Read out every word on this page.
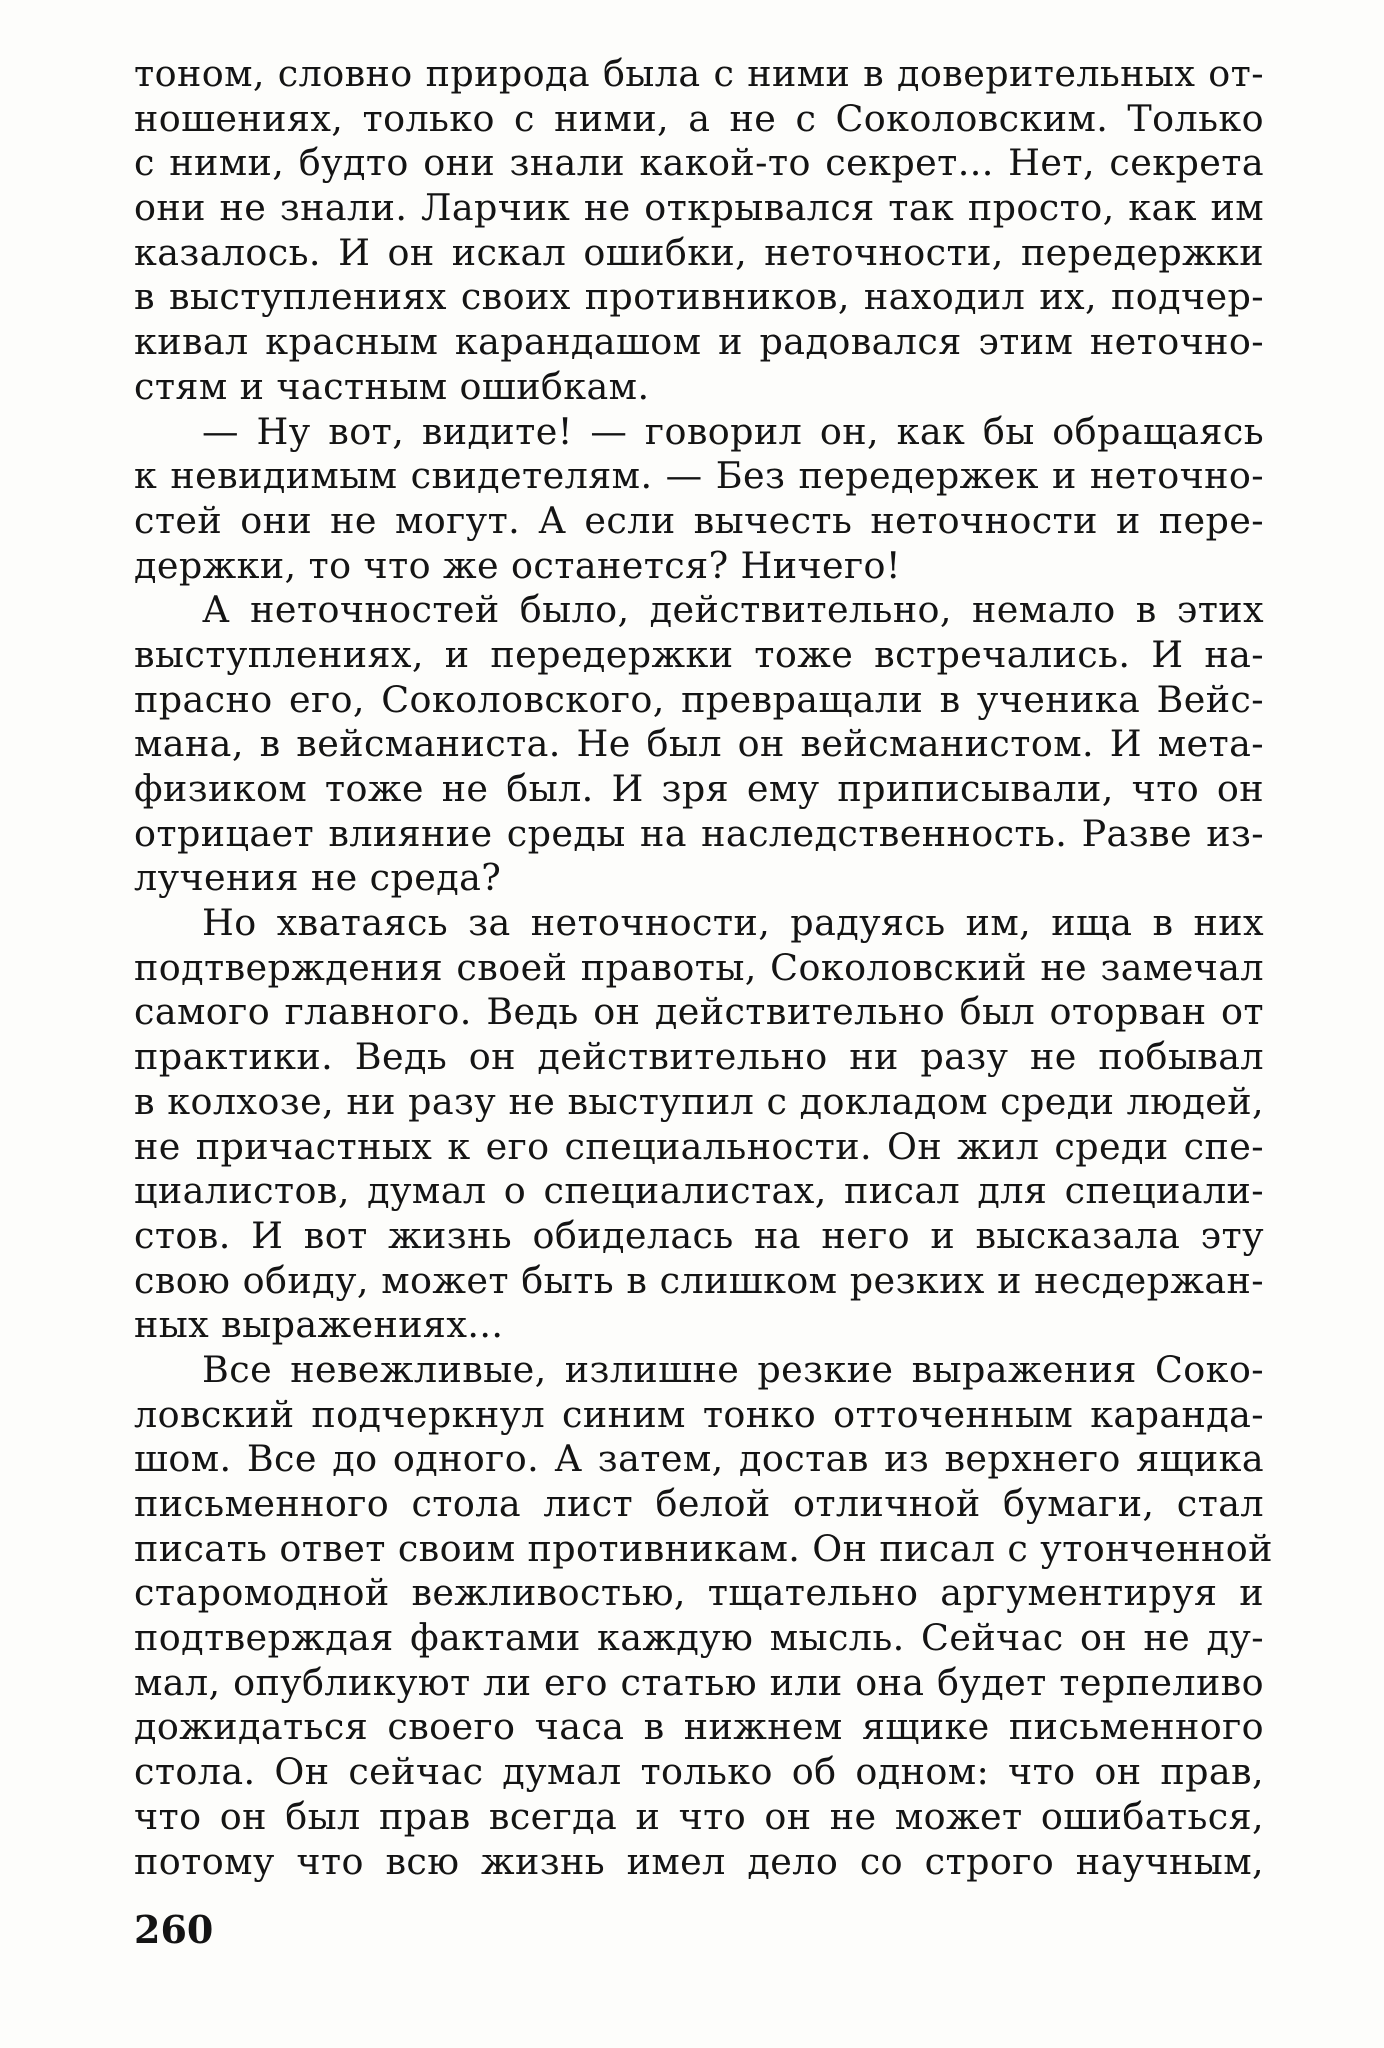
тоном, словно природа была с ними в доверительных от-
ношениях, только с ними, а не с Соколовским. Только
с ними, будто они знали какой-то секрет... Нет, секрета
они не знали. Ларчик не открывался так просто, как им
казалось. И он искал ошибки, неточности, передержки
в выступлениях своих противников, находил их, подчер-
кивал красным карандашом и радовался этим неточно-
стям и частным ошибкам.
— Ну вот, видите! — говорил он, как бы обращаясь
к невидимым свидетелям. — Без передержек и неточно-
стей они не могут. А если вычесть неточности и пере-
держки, то что же останется? Ничего!
А неточностей было, действительно, немало в этих
выступлениях, и передержки тоже встречались. И на-
прасно его, Соколовского, превращали в ученика Вейс-
мана, в вейсманиста. Не был он вейсманистом. И мета-
физиком тоже не был. И зря ему приписывали, что он
отрицает влияние среды на наследственность. Разве из-
лучения не среда?
Но хватаясь за неточности, радуясь им, ища в них
подтверждения своей правоты, Соколовский не замечал
самого главного. Ведь он действительно был оторван от
практики. Ведь он действительно ни разу не побывал
в колхозе, ни разу не выступил с докладом среди людей,
не причастных к его специальности. Он жил среди спе-
циалистов, думал о специалистах, писал для специали-
стов. И вот жизнь обиделась на него и высказала эту
свою обиду, может быть в слишком резких и несдержан-
ных выражениях...
Все невежливые, излишне резкие выражения Соко-
ловский подчеркнул синим тонко отточенным каранда-
шом. Все до одного. А затем, достав из верхнего ящика
письменного стола лист белой отличной бумаги, стал
писать ответ своим противникам. Он писал с утонченной
старомодной вежливостью, тщательно аргументируя и
подтверждая фактами каждую мысль. Сейчас он не ду-
мал, опубликуют ли его статью или она будет терпеливо
дожидаться своего часа в нижнем ящике письменного
стола. Он сейчас думал только об одном: что он прав,
что он был прав всегда и что он не может ошибаться,
потому что всю жизнь имел дело со строго научным,
260
